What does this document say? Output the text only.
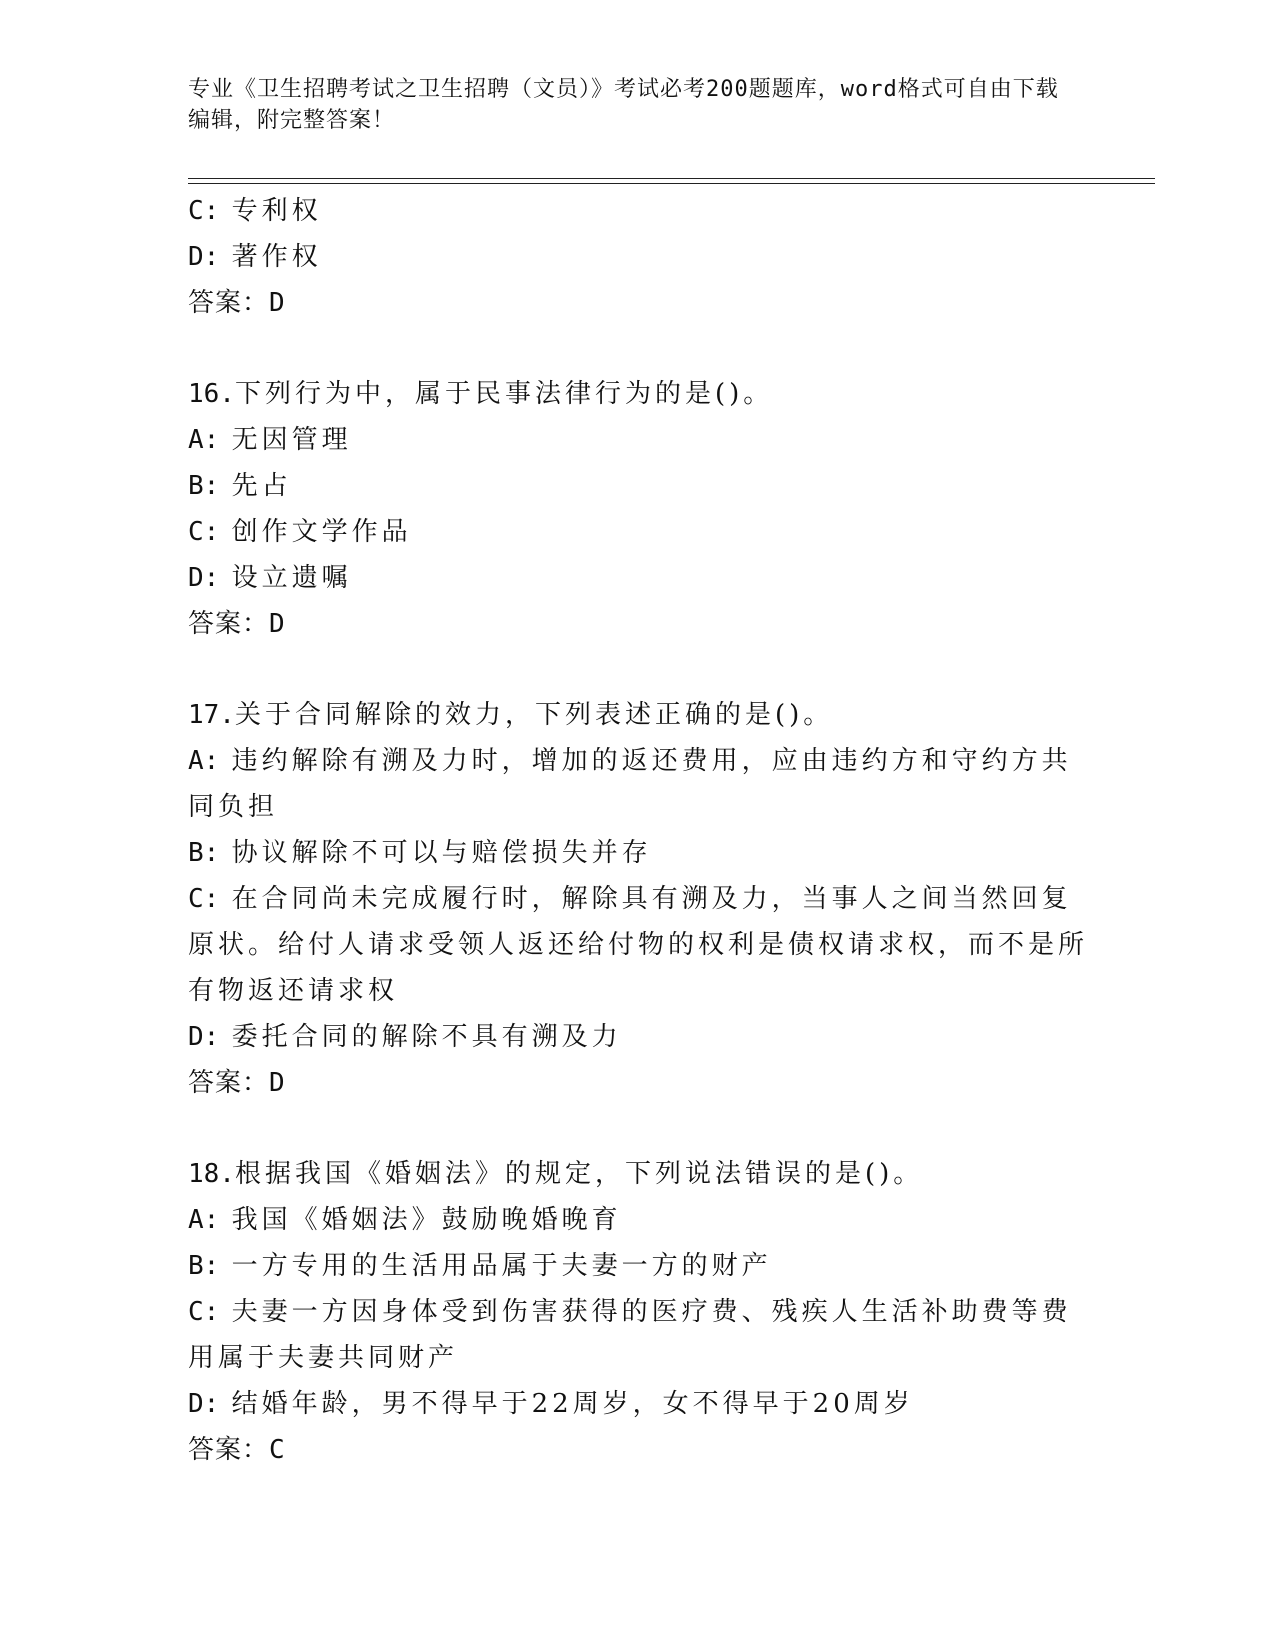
专业《卫生招聘考试之卫生招聘（文员）》考试必考200题题库，word格式可自由下载编辑，附完整答案！
C: 专利权
D: 著作权
答案：D
16.下列行为中，属于民事法律行为的是()。
A: 无因管理
B: 先占
C: 创作文学作品
D: 设立遗嘱
答案：D
17.关于合同解除的效力，下列表述正确的是()。
A: 违约解除有溯及力时，增加的返还费用，应由违约方和守约方共同负担
B: 协议解除不可以与赔偿损失并存
C: 在合同尚未完成履行时，解除具有溯及力，当事人之间当然回复原状。给付人请求受领人返还给付物的权利是债权请求权，而不是所有物返还请求权
D: 委托合同的解除不具有溯及力
答案：D
18.根据我国《婚姻法》的规定，下列说法错误的是()。
A: 我国《婚姻法》鼓励晚婚晚育
B: 一方专用的生活用品属于夫妻一方的财产
C: 夫妻一方因身体受到伤害获得的医疗费、残疾人生活补助费等费用属于夫妻共同财产
D: 结婚年龄，男不得早于22周岁，女不得早于20周岁
答案：C
